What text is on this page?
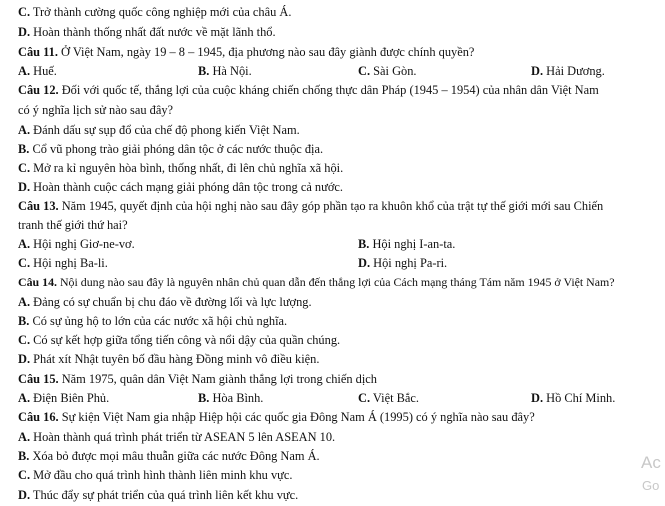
C. Trở thành cường quốc công nghiệp mới của châu Á.
D. Hoàn thành thống nhất đất nước về mặt lãnh thổ.
Câu 11. Ở Việt Nam, ngày 19 – 8 – 1945, địa phương nào sau đây giành được chính quyền?
A. Huế.	B. Hà Nội.	C. Sài Gòn.	D. Hải Dương.
Câu 12. Đối với quốc tế, thắng lợi của cuộc kháng chiến chống thực dân Pháp (1945 – 1954) của nhân dân Việt Nam
có ý nghĩa lịch sử nào sau đây?
A. Đánh dấu sự sụp đổ của chế độ phong kiến Việt Nam.
B. Cổ vũ phong trào giải phóng dân tộc ở các nước thuộc địa.
C. Mở ra kỉ nguyên hòa bình, thống nhất, đi lên chủ nghĩa xã hội.
D. Hoàn thành cuộc cách mạng giải phóng dân tộc trong cả nước.
Câu 13. Năm 1945, quyết định của hội nghị nào sau đây góp phần tạo ra khuôn khổ của trật tự thế giới mới sau Chiến
tranh thế giới thứ hai?
A. Hội nghị Giơ-ne-vơ.	B. Hội nghị I-an-ta.
C. Hội nghị Ba-li.	D. Hội nghị Pa-ri.
Câu 14. Nội dung nào sau đây là nguyên nhân chủ quan dẫn đến thắng lợi của Cách mạng tháng Tám năm 1945 ở Việt Nam?
A. Đảng có sự chuẩn bị chu đáo về đường lối và lực lượng.
B. Có sự ủng hộ to lớn của các nước xã hội chủ nghĩa.
C. Có sự kết hợp giữa tổng tiến công và nổi dậy của quần chúng.
D. Phát xít Nhật tuyên bố đầu hàng Đồng minh vô điều kiện.
Câu 15. Năm 1975, quân dân Việt Nam giành thắng lợi trong chiến dịch
A. Điện Biên Phủ.	B. Hòa Bình.	C. Việt Bắc.	D. Hồ Chí Minh.
Câu 16. Sự kiện Việt Nam gia nhập Hiệp hội các quốc gia Đông Nam Á (1995) có ý nghĩa nào sau đây?
A. Hoàn thành quá trình phát triển từ ASEAN 5 lên ASEAN 10.
B. Xóa bỏ được mọi mâu thuẫn giữa các nước Đông Nam Á.
C. Mở đầu cho quá trình hình thành liên minh khu vực.
D. Thúc đẩy sự phát triển của quá trình liên kết khu vực.
Ac
Go
